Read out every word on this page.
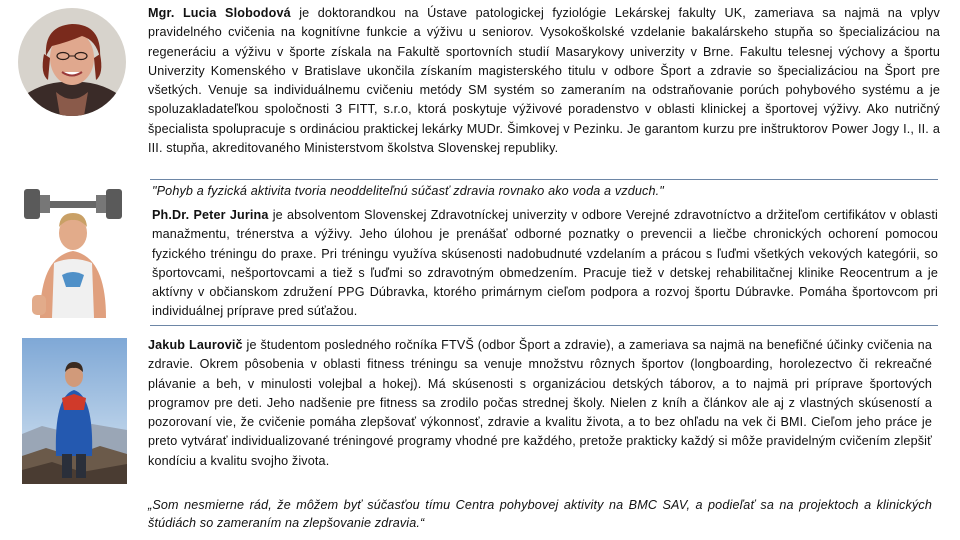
Mgr. Lucia Slobodová je doktorandkou na Ústave patologickej fyziológie Lekárskej fakulty UK, zameriava sa najmä na vplyv pravidelného cvičenia na kognitívne funkcie a výživu u seniorov. Vysokoškolské vzdelanie bakalárskeho stupňa so špecializáciou na regeneráciu a výživu v športe získala na Fakultě sportovních studií Masarykovy univerzity v Brne. Fakultu telesnej výchovy a športu Univerzity Komenského v Bratislave ukončila získaním magisterského titulu v odbore Šport a zdravie so špecializáciou na Šport pre všetkých. Venuje sa individuálnemu cvičeniu metódy SM systém so zameraním na odstraňovanie porúch pohybového systému a je spoluzakladateľkou spoločnosti 3 FITT, s.r.o, ktorá poskytuje výživové poradenstvo v oblasti klinickej a športovej výživy. Ako nutričný špecialista spolupracuje s ordináciou praktickej lekárky MUDr. Šimkovej v Pezinku. Je garantom kurzu pre inštruktorov Power Jogy I., II. a III. stupňa, akreditovaného Ministerstvom školstva Slovenskej republiky.
"Pohyb a fyzická aktivita tvoria neoddeliteľnú súčasť zdravia rovnako ako voda a vzduch."
Ph.Dr. Peter Jurina je absolventom Slovenskej Zdravotníckej univerzity v odbore Verejné zdravotníctvo a držiteľom certifikátov v oblasti manažmentu, trénerstva a výživy. Jeho úlohou je prenášať odborné poznatky o prevencii a liečbe chronických ochorení pomocou fyzického tréningu do praxe. Pri tréningu využíva skúsenosti nadobudnuté vzdelaním a prácou s ľuďmi všetkých vekových kategórii, so športovcami, nešportovcami a tiež s ľuďmi so zdravotným obmedzením. Pracuje tiež v detskej rehabilitačnej klinike Reocentrum a je aktívny v občianskom združení PPG Dúbravka, ktorého primárnym cieľom podpora a rozvoj športu Dúbravke. Pomáha športovcom pri individuálnej príprave pred súťažou.
Jakub Laurovič je študentom posledného ročníka FTVŠ (odbor Šport a zdravie), a zameriava sa najmä na benefičné účinky cvičenia na zdravie. Okrem pôsobenia v oblasti fitness tréningu sa venuje množstvu rôznych športov (longboarding, horolezectvo či rekreačné plávanie a beh, v minulosti volejbal a hokej). Má skúsenosti s organizáciou detských táborov, a to najmä pri príprave športových programov pre deti. Jeho nadšenie pre fitness sa zrodilo počas strednej školy. Nielen z kníh a článkov ale aj z vlastných skúseností a pozorovaní vie, že cvičenie pomáha zlepšovať výkonnosť, zdravie a kvalitu života, a to bez ohľadu na vek či BMI. Cieľom jeho práce je preto vytvárať individualizované tréningové programy vhodné pre každého, pretože prakticky každý si môže pravidelným cvičením zlepšiť kondíciu a kvalitu svojho života.
„Som nesmierne rád, že môžem byť súčasťou tímu Centra pohybovej aktivity na BMC SAV, a podieľať sa na projektoch a klinických štúdiách so zameraním na zlepšovanie zdravia.“
